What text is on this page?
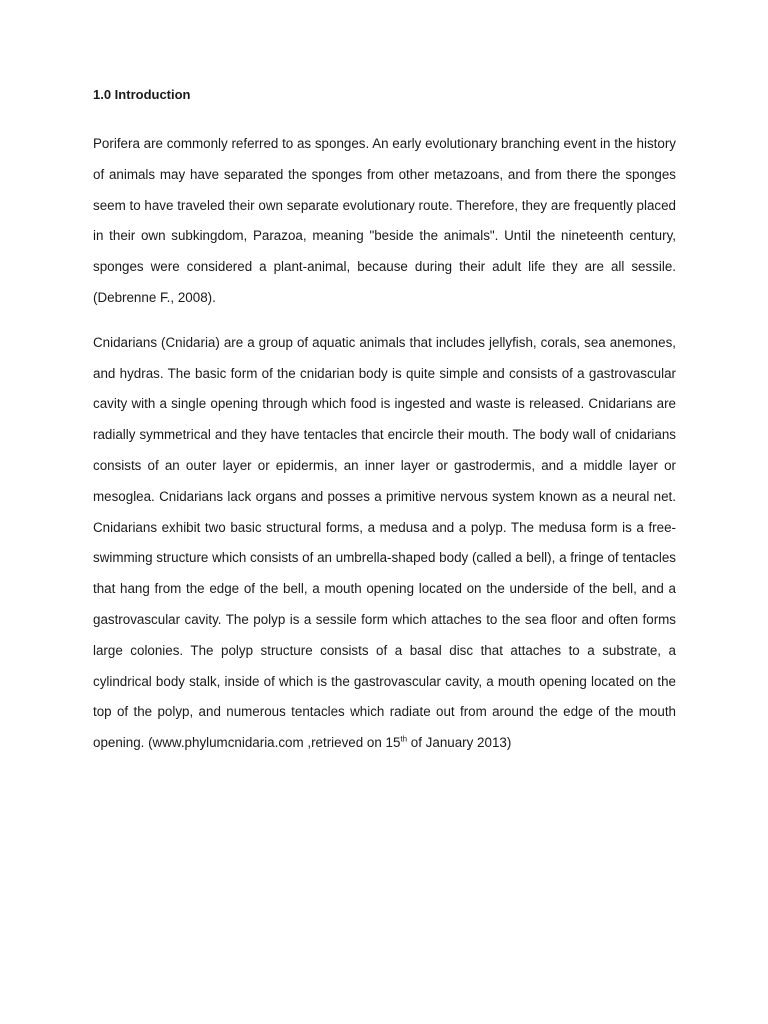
1.0 Introduction

Porifera are commonly referred to as sponges. An early evolutionary branching event in the history of animals may have separated the sponges from other metazoans, and from there the sponges seem to have traveled their own separate evolutionary route. Therefore, they are frequently placed in their own subkingdom, Parazoa, meaning "beside the animals". Until the nineteenth century, sponges were considered a plant-animal, because during their adult life they are all sessile. (Debrenne F., 2008).

Cnidarians (Cnidaria) are a group of aquatic animals that includes jellyfish, corals, sea anemones, and hydras. The basic form of the cnidarian body is quite simple and consists of a gastrovascular cavity with a single opening through which food is ingested and waste is released. Cnidarians are radially symmetrical and they have tentacles that encircle their mouth. The body wall of cnidarians consists of an outer layer or epidermis, an inner layer or gastrodermis, and a middle layer or mesoglea. Cnidarians lack organs and posses a primitive nervous system known as a neural net. Cnidarians exhibit two basic structural forms, a medusa and a polyp. The medusa form is a free-swimming structure which consists of an umbrella-shaped body (called a bell), a fringe of tentacles that hang from the edge of the bell, a mouth opening located on the underside of the bell, and a gastrovascular cavity. The polyp is a sessile form which attaches to the sea floor and often forms large colonies. The polyp structure consists of a basal disc that attaches to a substrate, a cylindrical body stalk, inside of which is the gastrovascular cavity, a mouth opening located on the top of the polyp, and numerous tentacles which radiate out from around the edge of the mouth opening. (www.phylumcnidaria.com ,retrieved on 15th of January 2013)
